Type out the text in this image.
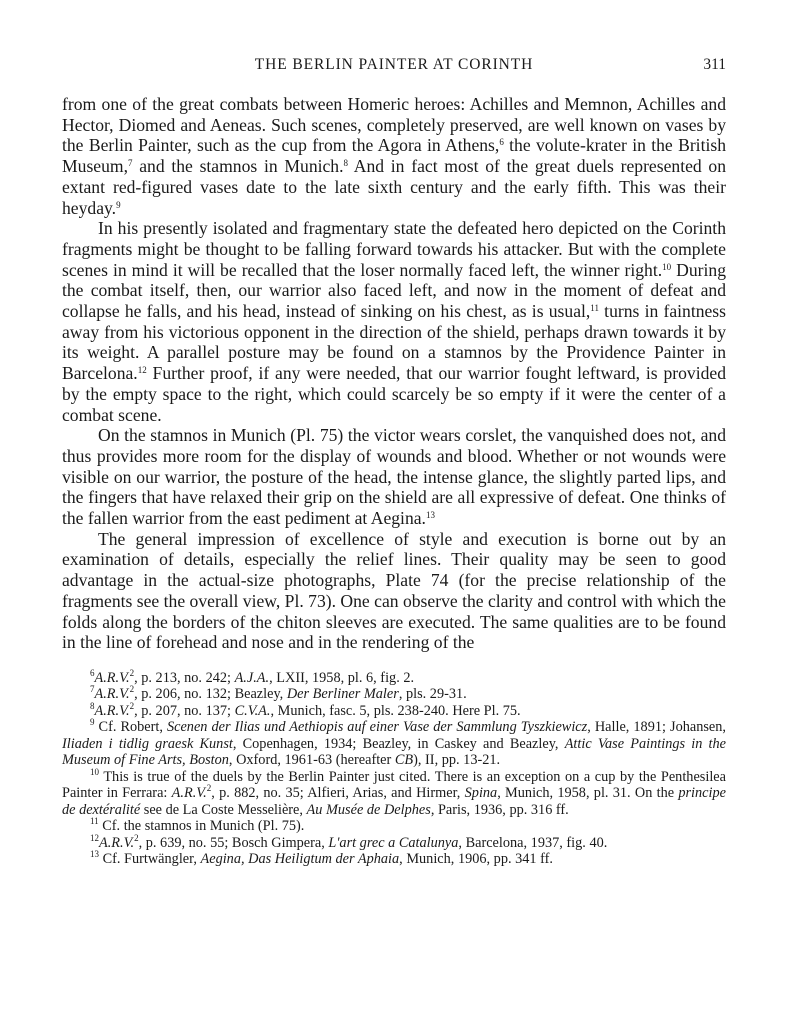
THE BERLIN PAINTER AT CORINTH	311

from one of the great combats between Homeric heroes: Achilles and Memnon, Achilles and Hector, Diomed and Aeneas. Such scenes, completely preserved, are well known on vases by the Berlin Painter, such as the cup from the Agora in Athens,$^6$ the volute-krater in the British Museum,$^7$ and the stamnos in Munich.$^8$ And in fact most of the great duels represented on extant red-figured vases date to the late sixth century and the early fifth. This was their heyday.$^9$

In his presently isolated and fragmentary state the defeated hero depicted on the Corinth fragments might be thought to be falling forward towards his attacker. But with the complete scenes in mind it will be recalled that the loser normally faced left, the winner right.$^{10}$ During the combat itself, then, our warrior also faced left, and now in the moment of defeat and collapse he falls, and his head, instead of sinking on his chest, as is usual,$^{11}$ turns in faintness away from his victorious opponent in the direction of the shield, perhaps drawn towards it by its weight. A parallel posture may be found on a stamnos by the Providence Painter in Barcelona.$^{12}$ Further proof, if any were needed, that our warrior fought leftward, is provided by the empty space to the right, which could scarcely be so empty if it were the center of a combat scene.

On the stamnos in Munich (Pl. 75) the victor wears corslet, the vanquished does not, and thus provides more room for the display of wounds and blood. Whether or not wounds were visible on our warrior, the posture of the head, the intense glance, the slightly parted lips, and the fingers that have relaxed their grip on the shield are all expressive of defeat. One thinks of the fallen warrior from the east pediment at Aegina.$^{13}$

The general impression of excellence of style and execution is borne out by an examination of details, especially the relief lines. Their quality may be seen to good advantage in the actual-size photographs, Plate 74 (for the precise relationship of the fragments see the overall view, Pl. 73). One can observe the clarity and control with which the folds along the borders of the chiton sleeves are executed. The same qualities are to be found in the line of forehead and nose and in the rendering of the

$^6$A.R.V.$^2$, p. 213, no. 242; A.J.A., LXII, 1958, pl. 6, fig. 2.

$^7$A.R.V.$^2$, p. 206, no. 132; Beazley, Der Berliner Maler, pls. 29-31.

$^8$A.R.V.$^2$, p. 207, no. 137; C.V.A., Munich, fasc. 5, pls. 238-240. Here Pl. 75.

$^9$ Cf. Robert, Scenen der Ilias und Aethiopis auf einer Vase der Sammlung Tyszkiewicz, Halle, 1891; Johansen, Iliaden i tidlig graesk Kunst, Copenhagen, 1934; Beazley, in Caskey and Beazley, Attic Vase Paintings in the Museum of Fine Arts, Boston, Oxford, 1961-63 (hereafter CB), II, pp. 13-21.

$^{10}$ This is true of the duels by the Berlin Painter just cited. There is an exception on a cup by the Penthesilea Painter in Ferrara: A.R.V.$^2$, p. 882, no. 35; Alfieri, Arias, and Hirmer, Spina, Munich, 1958, pl. 31. On the principe de dextéralité see de La Coste Messelière, Au Musée de Delphes, Paris, 1936, pp. 316 ff.

$^{11}$ Cf. the stamnos in Munich (Pl. 75).

$^{12}$A.R.V.$^2$, p. 639, no. 55; Bosch Gimpera, L'art grec a Catalunya, Barcelona, 1937, fig. 40.

$^{13}$ Cf. Furtwängler, Aegina, Das Heiligtum der Aphaia, Munich, 1906, pp. 341 ff.
